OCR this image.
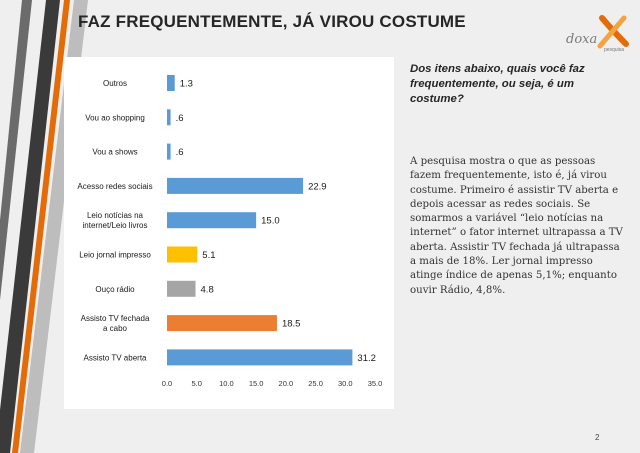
FAZ FREQUENTEMENTE, JÁ VIROU COSTUME
doxa
pesquisa
1.3
Outros
.6
Vou ao shopping
.6
Vou a shows
22.9
Acesso redes sociais
15.0
Leio notícias na internet/Leio livros
5.1
Leio jornal impresso
4.8
Ouço rádio
18.5
Assisto TV fechada a cabo
31.2
Assisto TV aberta
0.0	5.0 10.0 15.0 20.0 25.0 30.0 35.0
Dos itens abaixo, quais você faz frequentemente, ou seja, é um costume?
A pesquisa mostra o que as pessoas fazem frequentemente, isto é, já virou costume. Primeiro é assistir TV aberta e depois acessar as redes sociais. Se somarmos a variável “leio notícias na internet” o fator internet ultrapassa a TV aberta. Assistir TV fechada já ultrapassa a mais de 18%. Ler jornal impresso atinge índice de apenas 5,1%; enquanto ouvir Rádio, 4,8%.
2
